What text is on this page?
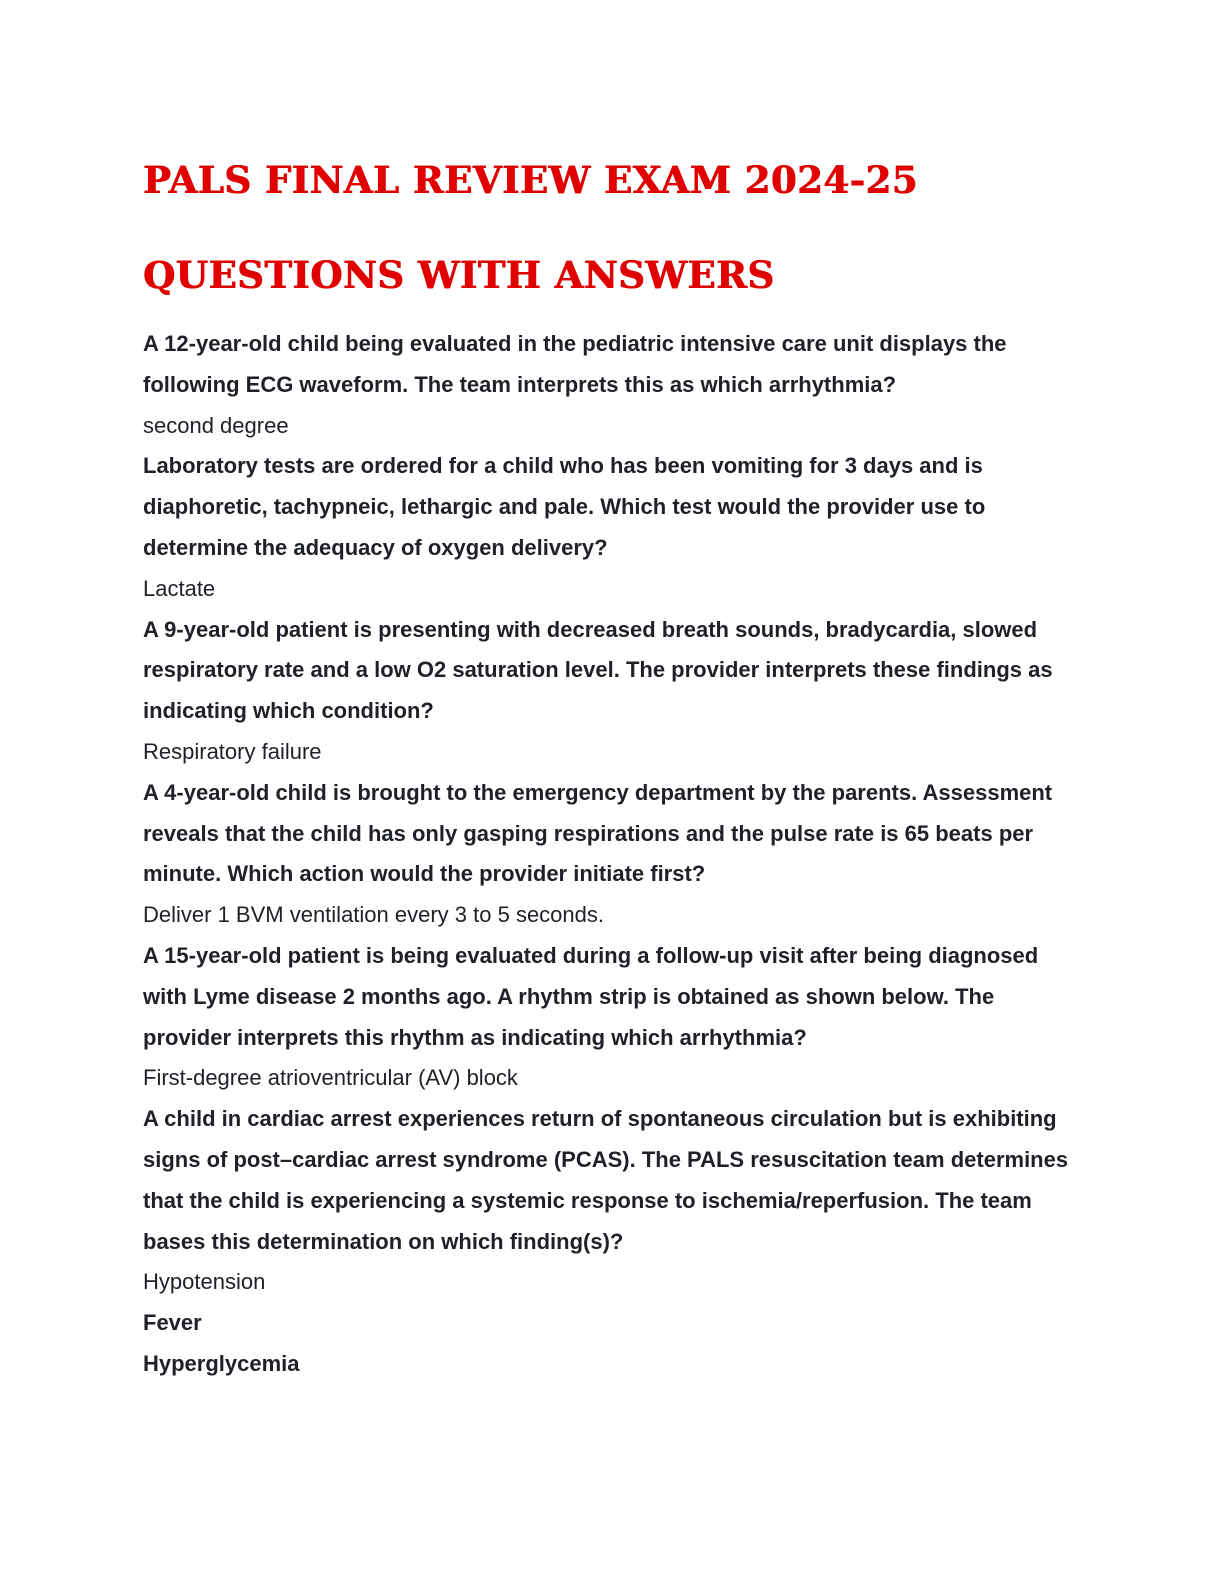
PALS FINAL REVIEW EXAM 2024-25
QUESTIONS WITH ANSWERS

A 12-year-old child being evaluated in the pediatric intensive care unit displays the following ECG waveform. The team interprets this as which arrhythmia?

second degree

Laboratory tests are ordered for a child who has been vomiting for 3 days and is diaphoretic, tachypneic, lethargic and pale. Which test would the provider use to determine the adequacy of oxygen delivery?

Lactate

A 9-year-old patient is presenting with decreased breath sounds, bradycardia, slowed respiratory rate and a low O2 saturation level. The provider interprets these findings as indicating which condition?

Respiratory failure

A 4-year-old child is brought to the emergency department by the parents. Assessment reveals that the child has only gasping respirations and the pulse rate is 65 beats per minute. Which action would the provider initiate first?

Deliver 1 BVM ventilation every 3 to 5 seconds.

A 15-year-old patient is being evaluated during a follow-up visit after being diagnosed with Lyme disease 2 months ago. A rhythm strip is obtained as shown below. The provider interprets this rhythm as indicating which arrhythmia?

First-degree atrioventricular (AV) block

A child in cardiac arrest experiences return of spontaneous circulation but is exhibiting signs of post–cardiac arrest syndrome (PCAS). The PALS resuscitation team determines that the child is experiencing a systemic response to ischemia/reperfusion. The team bases this determination on which finding(s)?

Hypotension

Fever

Hyperglycemia
